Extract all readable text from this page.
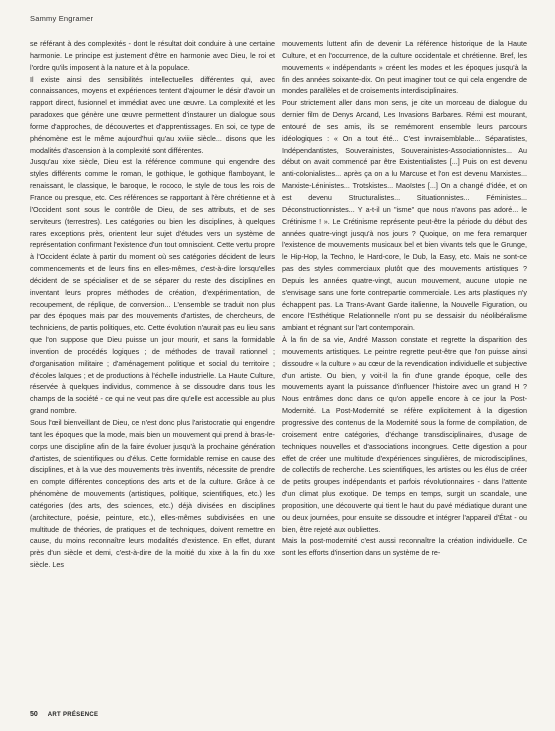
Sammy Engramer

se référant à des complexités - dont le résultat doit conduire à une certaine harmonie. Le principe est justement d'être en harmonie avec Dieu, le roi et l'ordre qu'ils imposent à la nature et à la populace.

Il existe ainsi des sensibilités intellectuelles différentes qui, avec connaissances, moyens et expériences tentent d'ajourner le désir d'avoir un rapport direct, fusionnel et immédiat avec une œuvre. La complexité et les paradoxes que génère une œuvre permettent d'instaurer un dialogue sous forme d'approches, de découvertes et d'apprentissages. En soi, ce type de phénomène est le même aujourd'hui qu'au xviiie siècle... disons que les modalités d'ascension à la complexité sont différentes.

Jusqu'au xixe siècle, Dieu est la référence commune qui engendre des styles différents comme le roman, le gothique, le gothique flamboyant, le renaissant, le classique, le baroque, le rococo, le style de tous les rois de France ou presque, etc. Ces références se rapportant à l'ère chrétienne et à l'Occident sont sous le contrôle de Dieu, de ses attributs, et de ses serviteurs (terrestres). Les catégories ou bien les disciplines, à quelques rares exceptions près, orientent leur sujet d'études vers un système de représentation confirmant l'existence d'un tout omniscient. Cette vertu propre à l'Occident éclate à partir du moment où ses catégories décident de leurs commencements et de leurs fins en elles-mêmes, c'est-à-dire lorsqu'elles décident de se spécialiser et de se séparer du reste des disciplines en inventant leurs propres méthodes de création, d'expérimentation, de recoupement, de réplique, de conversion... L'ensemble se traduit non plus par des époques mais par des mouvements d'artistes, de chercheurs, de techniciens, de partis politiques, etc. Cette évolution n'aurait pas eu lieu sans que l'on suppose que Dieu puisse un jour mourir, et sans la formidable invention de procédés logiques ; de méthodes de travail rationnel ; d'organisation militaire ; d'aménagement politique et social du territoire ; d'écoles laïques ; et de productions à l'échelle industrielle. La Haute Culture, réservée à quelques individus, commence à se dissoudre dans tous les champs de la société - ce qui ne veut pas dire qu'elle est accessible au plus grand nombre.

Sous l'œil bienveillant de Dieu, ce n'est donc plus l'aristocratie qui engendre tant les époques que la mode, mais bien un mouvement qui prend à bras-le-corps une discipline afin de la faire évoluer jusqu'à la prochaine génération d'artistes, de scientifiques ou d'élus. Cette formidable remise en cause des disciplines, et à la vue des mouvements très inventifs, nécessite de prendre en compte différentes conceptions des arts et de la culture. Grâce à ce phénomène de mouvements (artistiques, politique, scientifiques, etc.) les catégories (des arts, des sciences, etc.) déjà divisées en disciplines (architecture, poésie, peinture, etc.), elles-mêmes subdivisées en une multitude de théories, de pratiques et de techniques, doivent remettre en cause, du moins reconnaître leurs modalités d'existence. En effet, durant près d'un siècle et demi, c'est-à-dire de la moitié du xixe à la fin du xxe siècle. Les

mouvements luttent afin de devenir La référence historique de la Haute Culture, et en l'occurrence, de la culture occidentale et chrétienne. Bref, les mouvements « indépendants » créent les modes et les époques jusqu'à la fin des années soixante-dix. On peut imaginer tout ce qui cela engendre de mondes parallèles et de croisements interdisciplinaires.

Pour strictement aller dans mon sens, je cite un morceau de dialogue du dernier film de Denys Arcand, Les Invasions Barbares. Rémi est mourant, entouré de ses amis, ils se remémorent ensemble leurs parcours idéologiques : « On a tout été... C'est invraisemblable... Séparatistes, Indépendantistes, Souverainistes, Souverainistes-Associationnistes... Au début on avait commencé par être Existentialistes [...] Puis on est devenu anti-colonialistes... après ça on a lu Marcuse et l'on est devenu Marxistes... Marxiste-Léninistes... Trotskistes... Maoïstes [...] On a changé d'idée, et on est devenu Structuralistes... Situationnistes... Féministes... Déconstructionnistes... Y a-t-il un "isme" que nous n'avons pas adoré... le Crétinisme ! ». Le Crétinisme représente peut-être la période du début des années quatre-vingt jusqu'à nos jours ? Quoique, on me fera remarquer l'existence de mouvements musicaux bel et bien vivants tels que le Grunge, le Hip-Hop, la Techno, le Hard-core, le Dub, la Easy, etc. Mais ne sont-ce pas des styles commerciaux plutôt que des mouvements artistiques ? Depuis les années quatre-vingt, aucun mouvement, aucune utopie ne s'envisage sans une forte contrepartie commerciale. Les arts plastiques n'y échappent pas. La Trans-Avant Garde italienne, la Nouvelle Figuration, ou encore l'Esthétique Relationnelle n'ont pu se dessaisir du néolibéralisme ambiant et régnant sur l'art contemporain.

À la fin de sa vie, André Masson constate et regrette la disparition des mouvements artistiques. Le peintre regrette peut-être que l'on puisse ainsi dissoudre « la culture » au cœur de la revendication individuelle et subjective d'un artiste. Ou bien, y voit-il la fin d'une grande époque, celle des mouvements ayant la puissance d'influencer l'histoire avec un grand H ? Nous entrâmes donc dans ce qu'on appelle encore à ce jour la Post-Modernité. La Post-Modernité se réfère explicitement à la digestion progressive des contenus de la Modernité sous la forme de compilation, de croisement entre catégories, d'échange transdisciplinaires, d'usage de techniques nouvelles et d'associations incongrues. Cette digestion a pour effet de créer une multitude d'expériences singulières, de microdisciplines, de collectifs de recherche. Les scientifiques, les artistes ou les élus de créer de petits groupes indépendants et parfois révolutionnaires - dans l'attente d'un climat plus exotique. De temps en temps, surgit un scandale, une proposition, une découverte qui tient le haut du pavé médiatique durant une ou deux journées, pour ensuite se dissoudre et intégrer l'appareil d'État - ou bien, être rejeté aux oubliettes.

Mais la post-modernité c'est aussi reconnaître la création individuelle. Ce sont les efforts d'insertion dans un système de re-

50 ART PRÉSENCE
